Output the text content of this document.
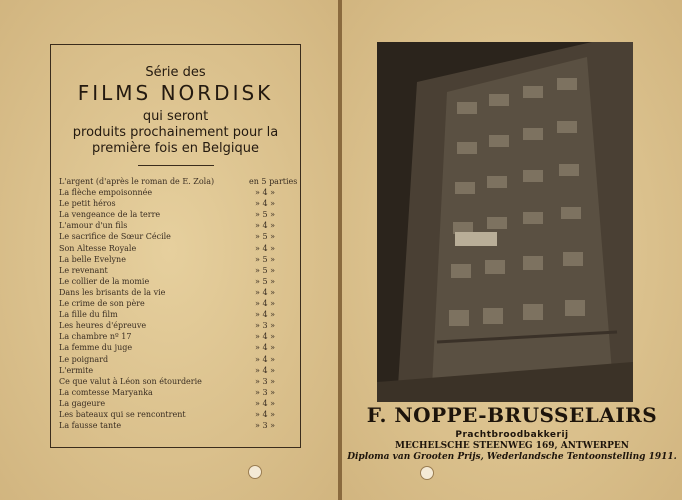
Série des
FILMS NORDISK
qui seront
produits prochainement pour la
première fois en Belgique
L'argent (d'après le roman de E. Zola)	en 5 parties
La flèche empoisonnée	» 4 »
Le petit héros	» 4 »
La vengeance de la terre	» 5 »
L'amour d'un fils	» 4 »
Le sacrifice de Sœur Cécile	» 5 »
Son Altesse Royale	» 4 »
La belle Evelyne	» 5 »
Le revenant	» 5 »
Le collier de la momie	» 5 »
Dans les brisants de la vie	» 4 »
Le crime de son père	» 4 »
La fille du film	» 4 »
Les heures d'épreuve	» 3 »
La chambre nº 17	» 4 »
La femme du juge	» 4 »
Le poignard	» 4 »
L'ermite	» 4 »
Ce que valut à Léon son étourderie	» 3 »
La comtesse Maryanka	» 3 »
La gageure	» 4 »
Les bateaux qui se rencontrent	» 4 »
La fausse tante	» 3 »	F. NOPPE-BRUSSELAIRS
Prachtbroodbakkerij
MECHELSCHE STEENWEG 169, ANTWERPEN
Diploma van Grooten Prijs, Wederlandsche Tentoonstelling 1911.
